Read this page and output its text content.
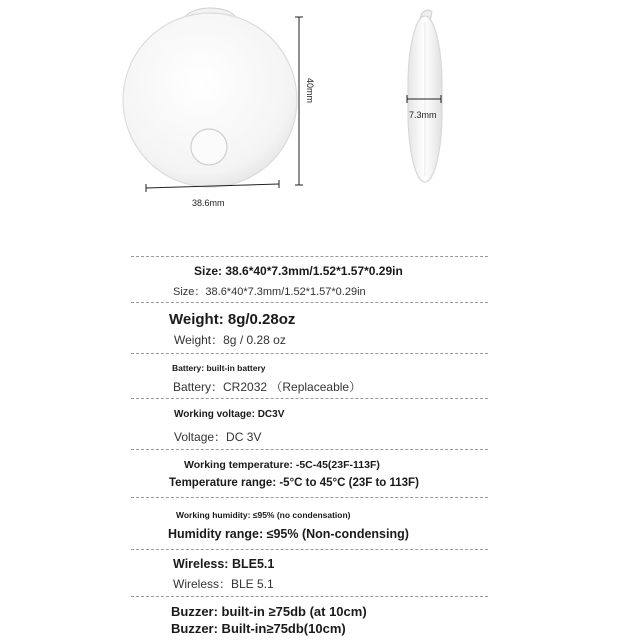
40mm
38.6mm
7.3mm
Size: 38.6*40*7.3mm/1.52*1.57*0.29in
Size：38.6*40*7.3mm/1.52*1.57*0.29in
Weight: 8g/0.28oz
Weight：8g / 0.28 oz
Battery: built-in battery
Battery：CR2032 （Replaceable）
Working voltage: DC3V
Voltage：DC 3V
Working temperature: -5C-45(23F-113F)
Temperature range: -5°C to 45°C (23F to 113F)
Working humidity: ≤95% (no condensation)
Humidity range: ≤95% (Non-condensing)
Wireless: BLE5.1
Wireless：BLE 5.1
Buzzer: built-in ≥75db (at 10cm)
Buzzer: Built-in≥75db(10cm)
